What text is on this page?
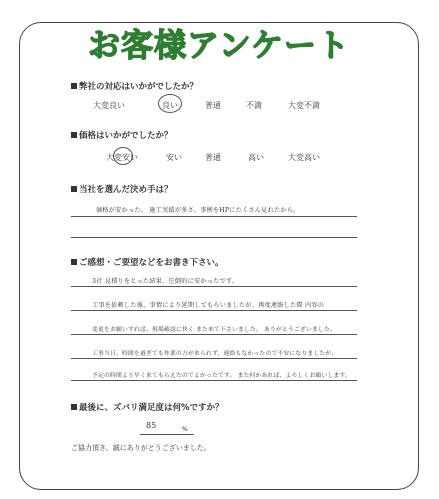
お客様アンケート
弊社の対応はいかがでしたか？
大変良い	良い	普通	不満	大変不満
価格はいかがでしたか？
大変安い	安い	普通	高い	大変高い
当社を選んだ決め手は？
価格が安かった。 施工実績が多さ、事例をHPにたくさん見れたから。
ご感想・ご要望などをお書き下さい。
3社 見積りをとった結果、圧倒的に安かったです。
工事を依頼した後、事情により延期してもらいましたが、再度連絡した際 内容の
変更をお願いすれば、現場確認に快く また来て下さいました。 ありがとうございました。
工事当日、時間を過ぎても作業の方が来られず、連絡もなかったので不安になりましたが、
予定の時間より早く来てもらえたのでよかったです。 また何かあれば、よろしくお願いします。
最後に、ズバリ満足度は何%ですか？
85	%
ご協力頂き、誠にありがとうございました。
